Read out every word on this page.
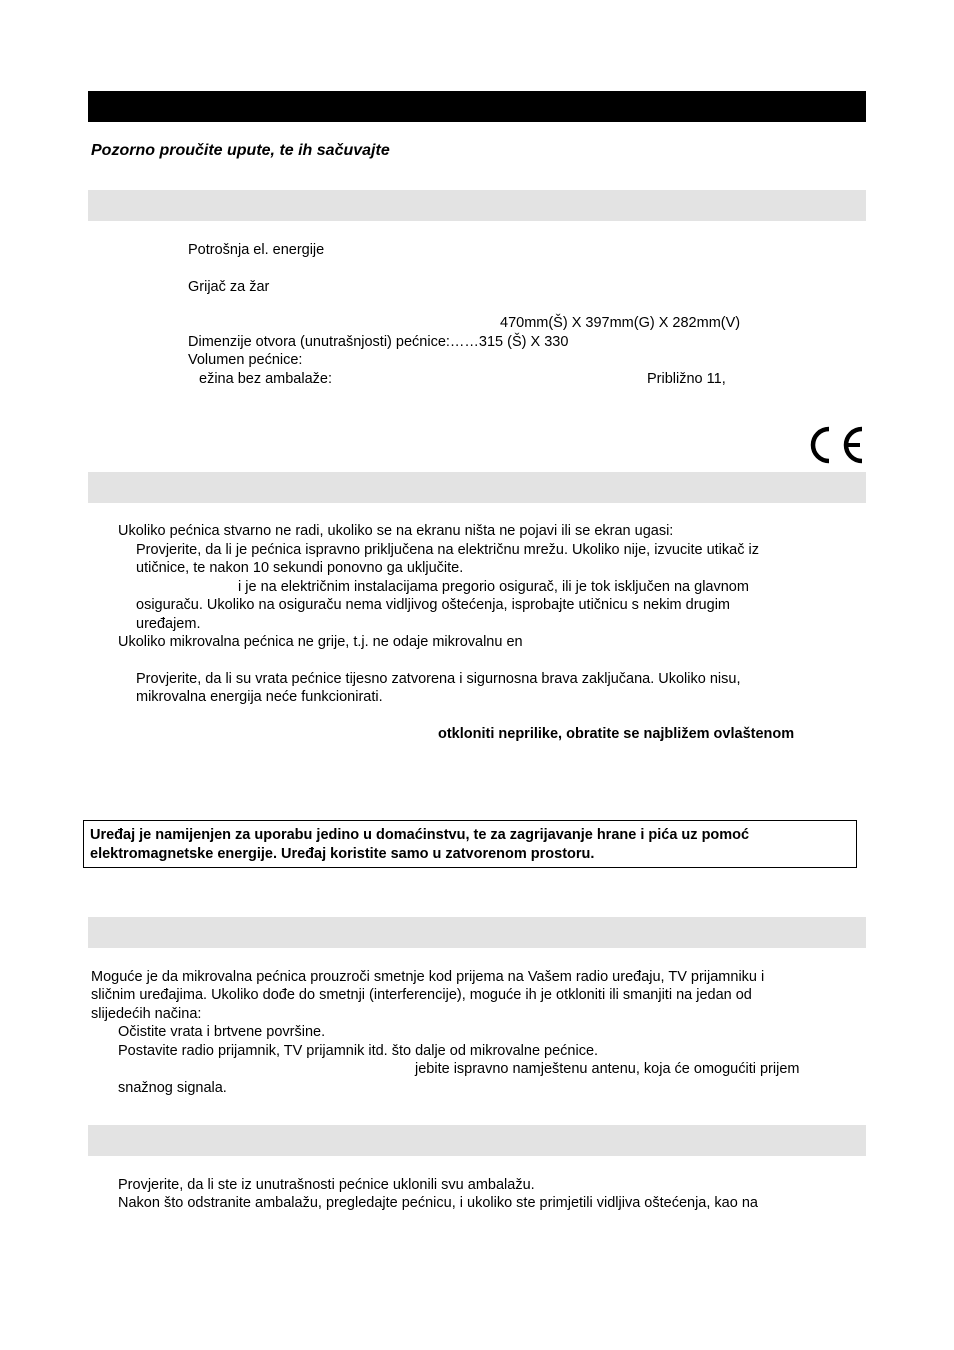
Pozorno proučite upute, te ih sačuvajte
Potrošnja el. energije
Grijač za žar
470mm(Š) X 397mm(G) X 282mm(V)
Dimenzije otvora (unutrašnjosti) pećnice:……315 (Š) X 330
Volumen pećnice:
ežina bez ambalaže:	Približno 11,
Ukoliko pećnica stvarno ne radi, ukoliko se na ekranu ništa ne pojavi ili se ekran ugasi:
Provjerite, da li je pećnica ispravno priključena na električnu mrežu. Ukoliko nije, izvucite utikač iz
utičnice, te nakon 10 sekundi ponovno ga uključite.
i je na električnim instalacijama pregorio osigurač, ili je tok isključen na glavnom
osiguraču. Ukoliko na osiguraču nema vidljivog oštećenja, isprobajte utičnicu s nekim drugim
uređajem.
Ukoliko mikrovalna pećnica ne grije, t.j. ne odaje mikrovalnu en
Provjerite, da li su vrata pećnice tijesno zatvorena i sigurnosna brava zaključana. Ukoliko nisu,
mikrovalna energija neće funkcionirati.
otkloniti neprilike, obratite se najbližem ovlaštenom
Uređaj je namijenjen za uporabu jedino u domaćinstvu, te za zagrijavanje hrane i pića uz pomoć
elektromagnetske energije. Uređaj koristite samo u zatvorenom prostoru.
Moguće je da mikrovalna pećnica prouzroči smetnje kod prijema na Vašem radio uređaju, TV prijamniku i
sličnim uređajima. Ukoliko dođe do smetnji (interferencije), moguće ih je otkloniti ili smanjiti na jedan od
slijedećih načina:
Očistite vrata i brtvene površine.
Postavite radio prijamnik, TV prijamnik itd. što dalje od mikrovalne pećnice.
jebite ispravno namještenu antenu, koja će omogućiti prijem
snažnog signala.
Provjerite, da li ste iz unutrašnosti pećnice uklonili svu ambalažu.
Nakon što odstranite ambalažu, pregledajte pećnicu, i ukoliko ste primjetili vidljiva oštećenja, kao na
